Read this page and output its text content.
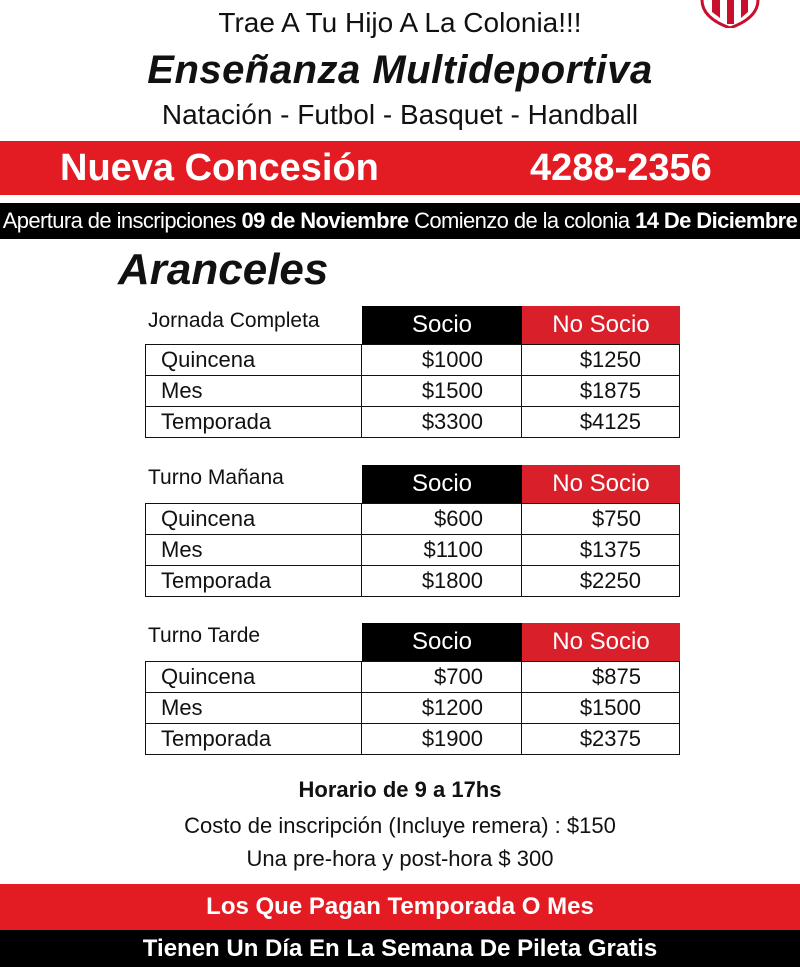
Trae A Tu Hijo A La Colonia!!!
Enseñanza Multideportiva
Natación - Futbol - Basquet - Handball
Nueva Concesión	4288-2356
Apertura de inscripciones 09 de Noviembre Comienzo de la colonia 14 De Diciembre
Aranceles
Jornada Completa	Socio	No Socio
Quincena	$1000	$1250
Mes	$1500	$1875
Temporada	$3300	$4125
Turno Mañana	Socio	No Socio
Quincena	$600	$750
Mes	$1100	$1375
Temporada	$1800	$2250
Turno Tarde	Socio	No Socio
Quincena	$700	$875
Mes	$1200	$1500
Temporada	$1900	$2375
Horario de 9 a 17hs
Costo de inscripción (Incluye remera) : $150
Una pre-hora y post-hora $ 300
Los Que Pagan Temporada O Mes
Tienen Un Día En La Semana De Pileta Gratis
